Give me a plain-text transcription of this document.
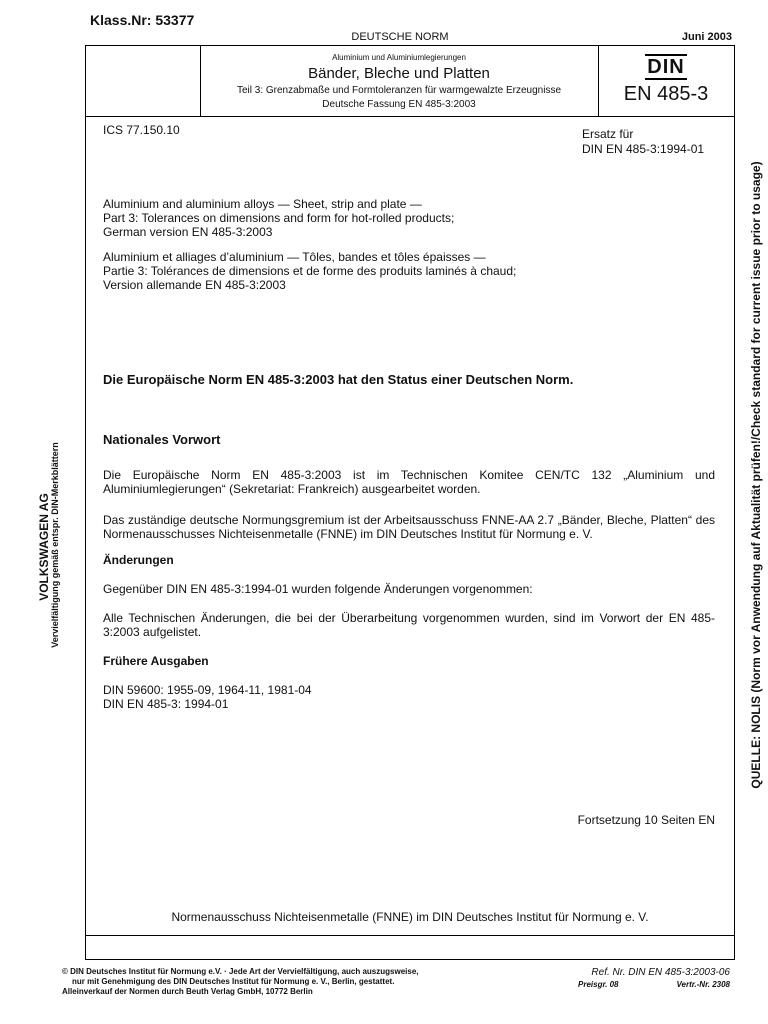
Klass.Nr: 53377
DEUTSCHE NORM	Juni 2003
Aluminium und Aluminiumlegierungen
Bänder, Bleche und Platten
Teil 3: Grenzabmaße und Formtoleranzen für warmgewalzte Erzeugnisse
Deutsche Fassung EN 485-3:2003
DIN
EN 485-3
ICS 77.150.10	Ersatz für
DIN EN 485-3:1994-01
Aluminium and aluminium alloys — Sheet, strip and plate —
Part 3: Tolerances on dimensions and form for hot-rolled products;
German version EN 485-3:2003
Aluminium et alliages d’aluminium — Tôles, bandes et tôles épaisses —
Partie 3: Tolérances de dimensions et de forme des produits laminés à chaud;
Version allemande EN 485-3:2003
Die Europäische Norm EN 485-3:2003 hat den Status einer Deutschen Norm.
Nationales Vorwort
Die Europäische Norm EN 485-3:2003 ist im Technischen Komitee CEN/TC 132 „Aluminium und Aluminiumlegierungen“ (Sekretariat: Frankreich) ausgearbeitet worden.
Das zuständige deutsche Normungsgremium ist der Arbeitsausschuss FNNE-AA 2.7 „Bänder, Bleche, Platten“ des Normenausschusses Nichteisenmetalle (FNNE) im DIN Deutsches Institut für Normung e. V.
Änderungen
Gegenüber DIN EN 485-3:1994-01 wurden folgende Änderungen vorgenommen:
Alle Technischen Änderungen, die bei der Überarbeitung vorgenommen wurden, sind im Vorwort der EN 485-3:2003 aufgelistet.
Frühere Ausgaben
DIN 59600: 1955-09, 1964-11, 1981-04
DIN EN 485-3: 1994-01
Fortsetzung 10 Seiten EN
Normenausschuss Nichteisenmetalle (FNNE) im DIN Deutsches Institut für Normung e. V.
© DIN Deutsches Institut für Normung e.V. · Jede Art der Vervielfältigung, auch auszugsweise,
nur mit Genehmigung des DIN Deutsches Institut für Normung e. V., Berlin, gestattet.
Alleinverkauf der Normen durch Beuth Verlag GmbH, 10772 Berlin
Ref. Nr. DIN EN 485-3:2003-06
Preisgr. 08	Vertr.-Nr. 2308
VOLKSWAGEN AG Vervielfältigung gemäß entspr. DIN-Merkblättern	QUELLE: NOLIS (Norm vor Anwendung auf Aktualität prüfen!/Check standard for current issue prior to usage)
